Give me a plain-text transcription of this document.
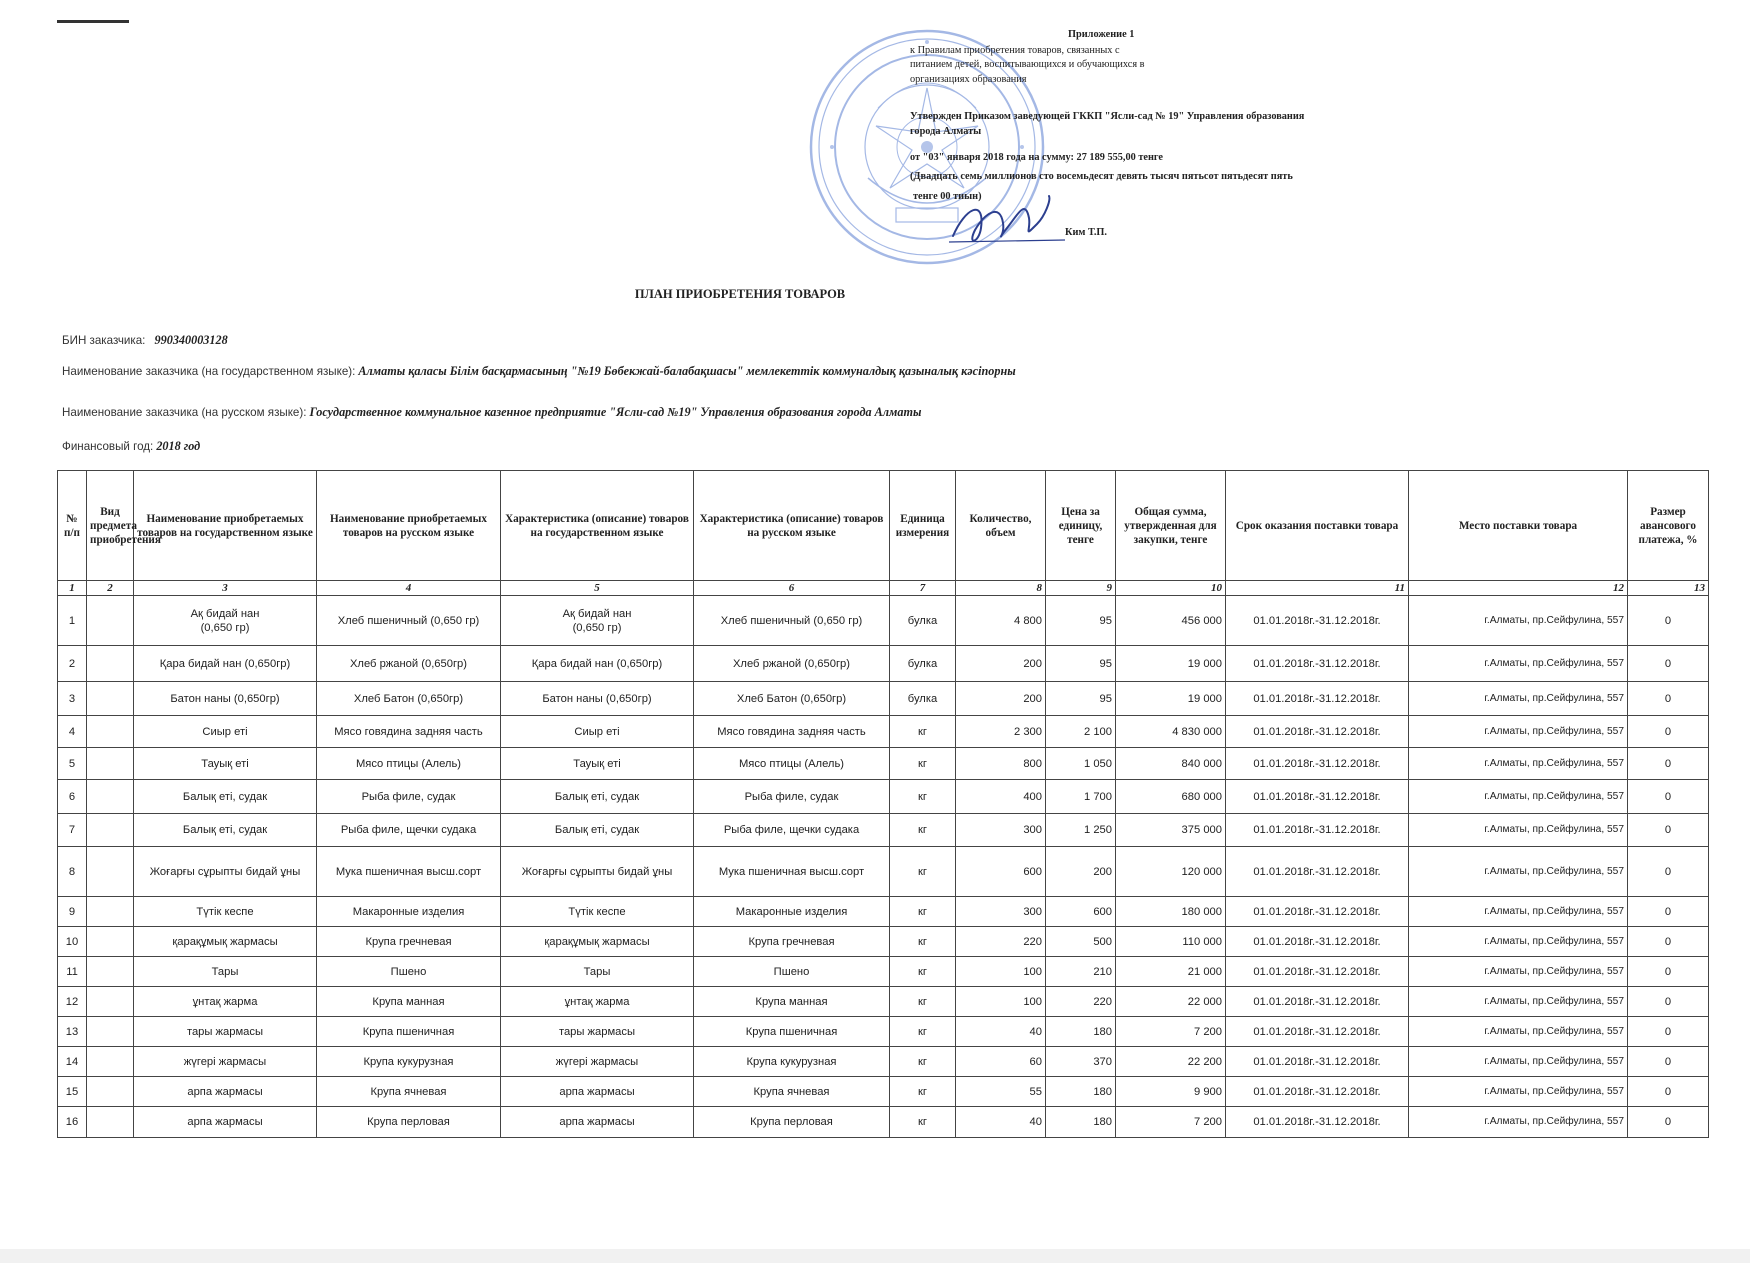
Приложение 1
к Правилам приобретения товаров, связанных с
питанием детей, воспитывающихся и обучающихся в
организациях образования
Утвержден Приказом заведующей ГККП "Ясли-сад № 19" Управления образования
города Алматы
от "03" января 2018 года на сумму: 27 189 555,00 тенге
(Двадцать семь миллионов сто восемьдесят девять тысяч пятьсот пятьдесят пять
тенге 00 тиын)
Ким Т.П.
ПЛАН ПРИОБРЕТЕНИЯ ТОВАРОВ
БИН заказчика: 990340003128
Наименование заказчика (на государственном языке): Алматы қаласы Білім басқармасының "№19 Бөбекжай-балабақшасы" мемлекеттік коммуналдық қазыналық кәсіпорны
Наименование заказчика (на русском языке): Государственное коммунальное казенное предприятие "Ясли-сад №19" Управления образования города Алматы
Финансовый год: 2018 год
№ п/п	Вид предмета приобретения	Наименование приобретаемых товаров на государственном языке	Наименование приобретаемых товаров на русском языке	Характеристика (описание) товаров на государственном языке	Характеристика (описание) товаров на русском языке	Единица измерения	Количество, объем	Цена за единицу, тенге	Общая сумма, утвержденная для закупки, тенге	Срок оказания поставки товара	Место поставки товара	Размер авансового платежа, %
1	2	3	4	5	6	7	8	9	10	11	12	13
1		Ақ бидай нан
(0,650 гр)	Хлеб пшеничный (0,650 гр)	Ақ бидай нан
(0,650 гр)	Хлеб пшеничный (0,650 гр)	булка	4 800	95	456 000	01.01.2018г.-31.12.2018г.	г.Алматы, пр.Сейфулина, 557	0
2		Қара бидай нан (0,650гр)	Хлеб ржаной (0,650гр)	Қара бидай нан (0,650гр)	Хлеб ржаной (0,650гр)	булка	200	95	19 000	01.01.2018г.-31.12.2018г.	г.Алматы, пр.Сейфулина, 557	0
3		Батон наны (0,650гр)	Хлеб Батон (0,650гр)	Батон наны (0,650гр)	Хлеб Батон (0,650гр)	булка	200	95	19 000	01.01.2018г.-31.12.2018г.	г.Алматы, пр.Сейфулина, 557	0
4		Сиыр еті	Мясо говядина задняя часть	Сиыр еті	Мясо говядина задняя часть	кг	2 300	2 100	4 830 000	01.01.2018г.-31.12.2018г.	г.Алматы, пр.Сейфулина, 557	0
5		Тауық еті	Мясо птицы (Алель)	Тауық еті	Мясо птицы (Алель)	кг	800	1 050	840 000	01.01.2018г.-31.12.2018г.	г.Алматы, пр.Сейфулина, 557	0
6		Балық еті, судак	Рыба филе, судак	Балық еті, судак	Рыба филе, судак	кг	400	1 700	680 000	01.01.2018г.-31.12.2018г.	г.Алматы, пр.Сейфулина, 557	0
7		Балық еті, судак	Рыба филе, щечки судака	Балық еті, судак	Рыба филе, щечки судака	кг	300	1 250	375 000	01.01.2018г.-31.12.2018г.	г.Алматы, пр.Сейфулина, 557	0
8		Жоғарғы сұрыпты бидай ұны	Мука пшеничная высш.сорт	Жоғарғы сұрыпты бидай ұны	Мука пшеничная высш.сорт	кг	600	200	120 000	01.01.2018г.-31.12.2018г.	г.Алматы, пр.Сейфулина, 557	0
9		Түтік кеспе	Макаронные изделия	Түтік кеспе	Макаронные изделия	кг	300	600	180 000	01.01.2018г.-31.12.2018г.	г.Алматы, пр.Сейфулина, 557	0
10		қарақұмық жармасы	Крупа гречневая	қарақұмық жармасы	Крупа гречневая	кг	220	500	110 000	01.01.2018г.-31.12.2018г.	г.Алматы, пр.Сейфулина, 557	0
11		Тары	Пшено	Тары	Пшено	кг	100	210	21 000	01.01.2018г.-31.12.2018г.	г.Алматы, пр.Сейфулина, 557	0
12		ұнтақ жарма	Крупа манная	ұнтақ жарма	Крупа манная	кг	100	220	22 000	01.01.2018г.-31.12.2018г.	г.Алматы, пр.Сейфулина, 557	0
13		тары жармасы	Крупа пшеничная	тары жармасы	Крупа пшеничная	кг	40	180	7 200	01.01.2018г.-31.12.2018г.	г.Алматы, пр.Сейфулина, 557	0
14		жүгері жармасы	Крупа кукурузная	жүгері жармасы	Крупа кукурузная	кг	60	370	22 200	01.01.2018г.-31.12.2018г.	г.Алматы, пр.Сейфулина, 557	0
15		арпа жармасы	Крупа ячневая	арпа жармасы	Крупа ячневая	кг	55	180	9 900	01.01.2018г.-31.12.2018г.	г.Алматы, пр.Сейфулина, 557	0
16		арпа жармасы	Крупа перловая	арпа жармасы	Крупа перловая	кг	40	180	7 200	01.01.2018г.-31.12.2018г.	г.Алматы, пр.Сейфулина, 557	0
